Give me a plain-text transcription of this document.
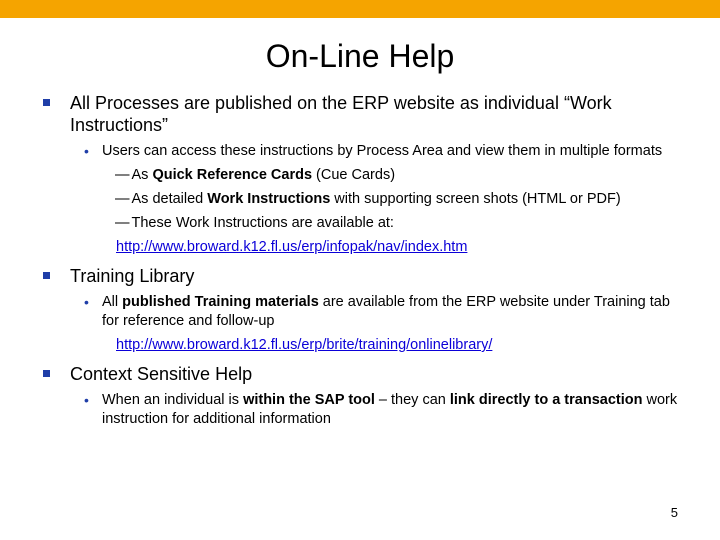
On-Line Help
All Processes are published on the ERP website as individual “Work Instructions”
• Users can access these instructions by Process Area and view them in multiple formats
— As Quick Reference Cards (Cue Cards)
— As detailed Work Instructions with supporting screen shots (HTML or PDF)
— These Work Instructions are available at:
http://www.broward.k12.fl.us/erp/infopak/nav/index.htm
Training Library
• All published Training materials are available from the ERP website under Training tab for reference and follow-up
http://www.broward.k12.fl.us/erp/brite/training/onlinelibrary/
Context Sensitive Help
• When an individual is within the SAP tool – they can link directly to a transaction work instruction for additional information
5
